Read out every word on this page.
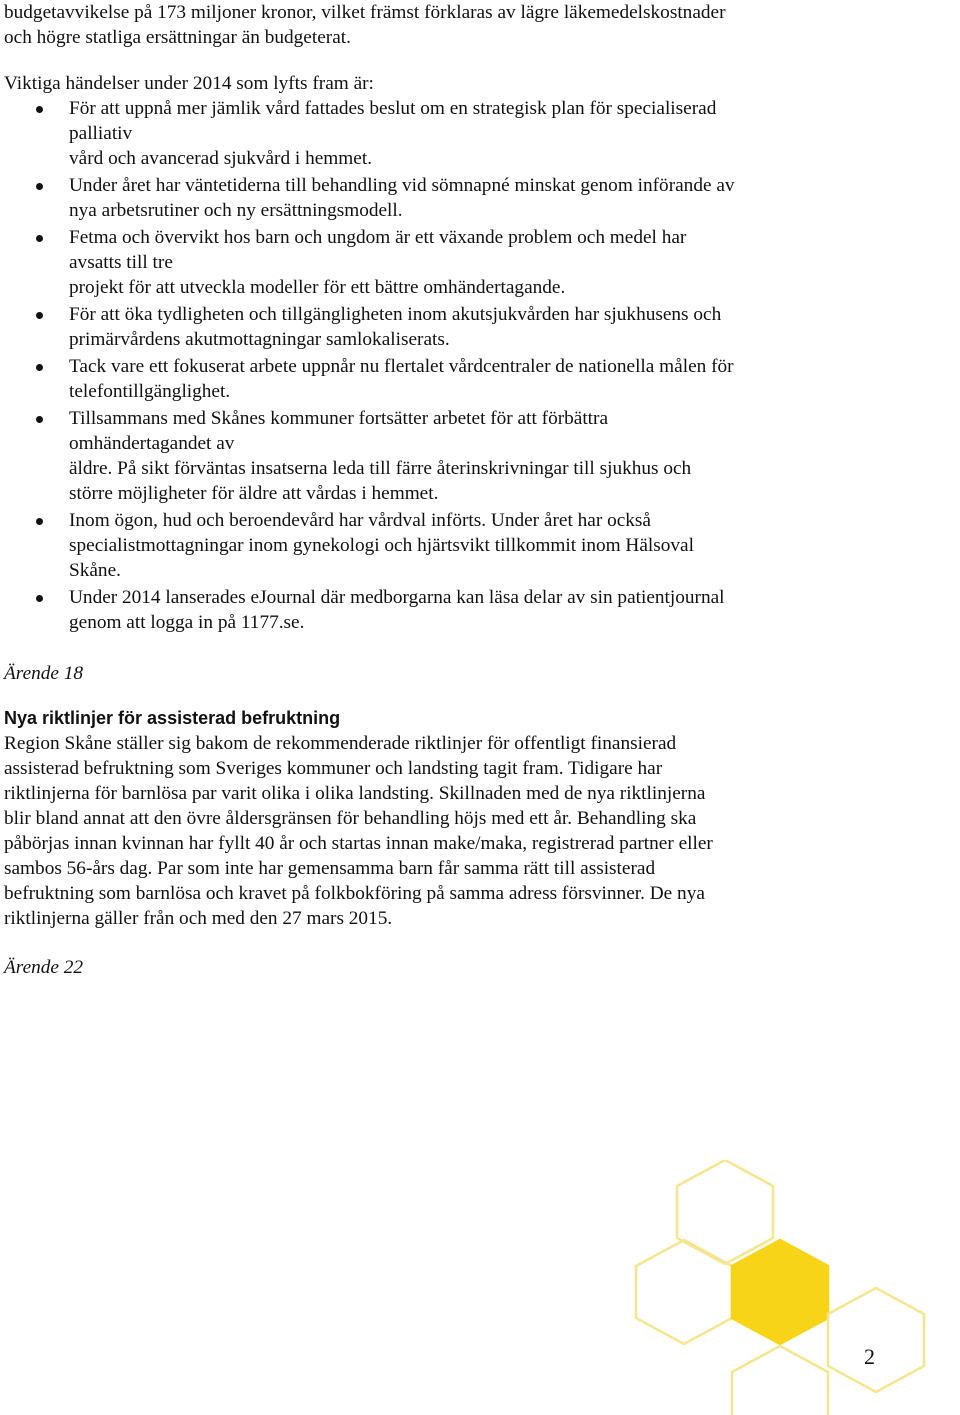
budgetavvikelse på 173 miljoner kronor, vilket främst förklaras av lägre läkemedelskostnader
och högre statliga ersättningar än budgeterat.
Viktiga händelser under 2014 som lyfts fram är:
För att uppnå mer jämlik vård fattades beslut om en strategisk plan för specialiserad
palliativ
vård och avancerad sjukvård i hemmet.
Under året har väntetiderna till behandling vid sömnapné minskat genom införande av
nya arbetsrutiner och ny ersättningsmodell.
Fetma och övervikt hos barn och ungdom är ett växande problem och medel har
avsatts till tre
projekt för att utveckla modeller för ett bättre omhändertagande.
För att öka tydligheten och tillgängligheten inom akutsjukvården har sjukhusens och
primärvårdens akutmottagningar samlokaliserats.
Tack vare ett fokuserat arbete uppnår nu flertalet vårdcentraler de nationella målen för
telefontillgänglighet.
Tillsammans med Skånes kommuner fortsätter arbetet för att förbättra
omhändertagandet av
äldre. På sikt förväntas insatserna leda till färre återinskrivningar till sjukhus och
större möjligheter för äldre att vårdas i hemmet.
Inom ögon, hud och beroendevård har vårdval införts. Under året har också
specialistmottagningar inom gynekologi och hjärtsvikt tillkommit inom Hälsoval
Skåne.
Under 2014 lanserades eJournal där medborgarna kan läsa delar av sin patientjournal
genom att logga in på 1177.se.
Ärende 18
Nya riktlinjer för assisterad befruktning
Region Skåne ställer sig bakom de rekommenderade riktlinjer för offentligt finansierad
assisterad befruktning som Sveriges kommuner och landsting tagit fram. Tidigare har
riktlinjerna för barnlösa par varit olika i olika landsting. Skillnaden med de nya riktlinjerna
blir bland annat att den övre åldersgränsen för behandling höjs med ett år. Behandling ska
påbörjas innan kvinnan har fyllt 40 år och startas innan make/maka, registrerad partner eller
sambos 56-års dag. Par som inte har gemensamma barn får samma rätt till assisterad
befruktning som barnlösa och kravet på folkbokföring på samma adress försvinner. De nya
riktlinjerna gäller från och med den 27 mars 2015.
Ärende 22
2
